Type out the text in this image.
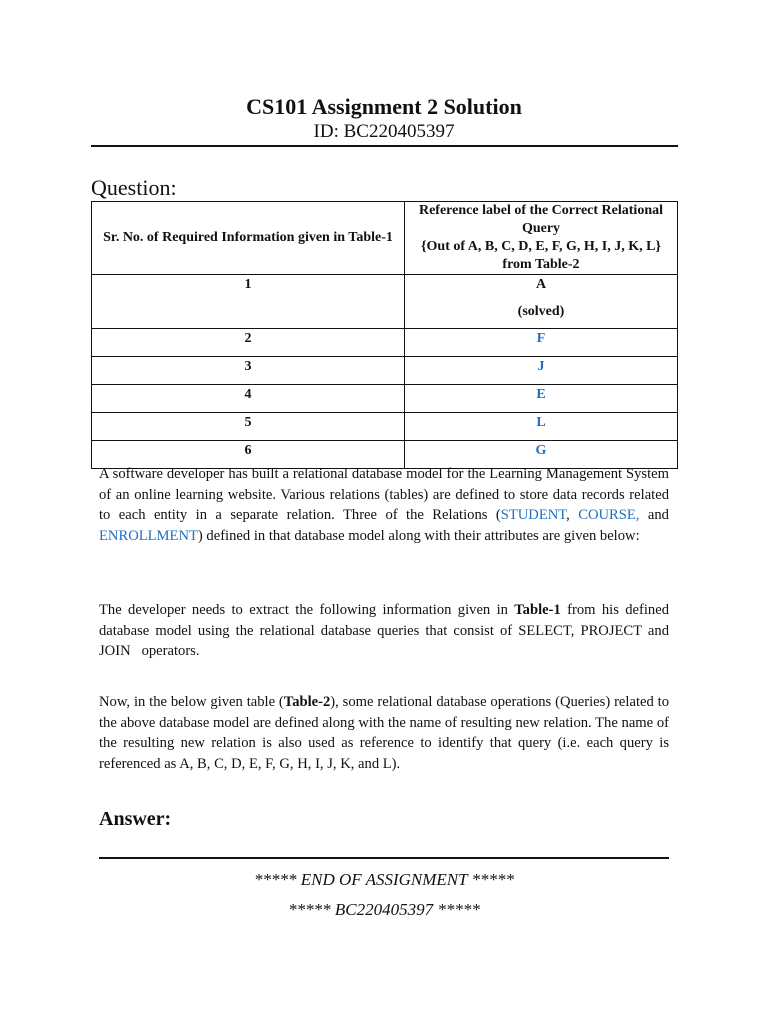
CS101 Assignment 2 Solution
ID: BC220405397
Question:
Sr. No. of Required Information given in Table-1	Reference label of the Correct Relational Query
{Out of A, B, C, D, E, F, G, H, I, J, K, L} from Table-2

1	A
(solved)

2	F
3	J
4	E
5	L
6	G
A software developer has built a relational database model for the Learning Management System of an online learning website. Various relations (tables) are defined to store data records related to each entity in a separate relation. Three of the Relations (STUDENT, COURSE, and ENROLLMENT) defined in that database model along with their attributes are given below:
The developer needs to extract the following information given in Table-1 from his defined database model using the relational database queries that consist of SELECT, PROJECT and JOIN   operators.
Now, in the below given table (Table-2), some relational database operations (Queries) related to the above database model are defined along with the name of resulting new relation. The name of the resulting new relation is also used as reference to identify that query (i.e. each query is referenced as A, B, C, D, E, F, G, H, I, J, K, and L).
Answer:
***** END OF ASSIGNMENT *****
***** BC220405397 *****
